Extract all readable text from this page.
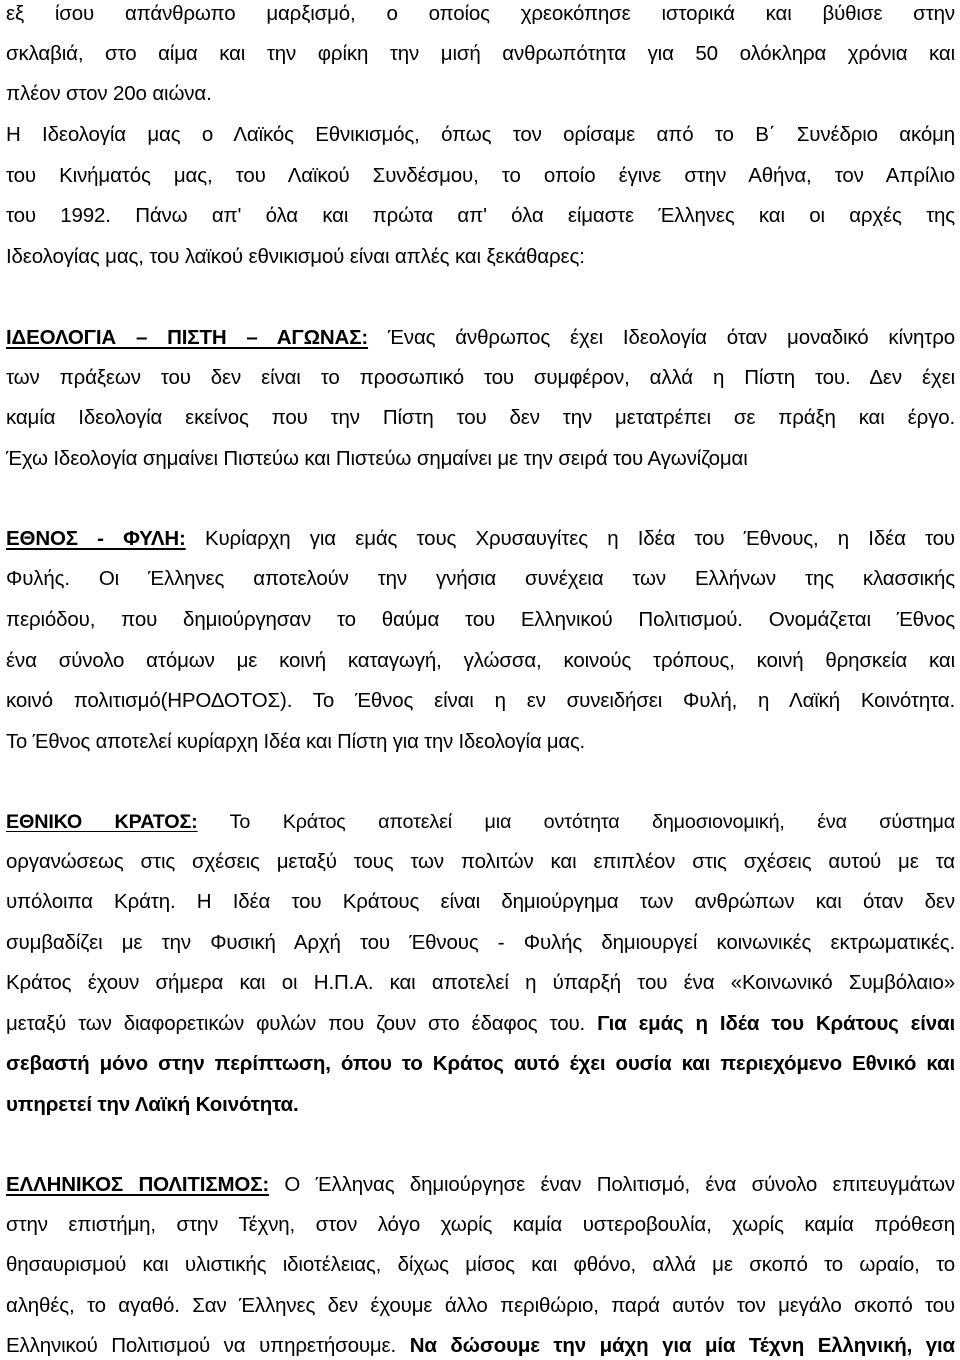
εξ ίσου απάνθρωπο μαρξισμό, ο οποίος χρεοκόπησε ιστορικά και βύθισε στην
σκλαβιά, στο αίμα και την φρίκη την μισή ανθρωπότητα για 50 ολόκληρα χρόνια και
πλέον στον 20ο αιώνα.
Η Ιδεολογία μας ο Λαϊκός Εθνικισμός, όπως τον ορίσαμε από το Β΄ Συνέδριο ακόμη
του Κινήματός μας, του Λαϊκού Συνδέσμου, το οποίο έγινε στην Αθήνα, τον Απρίλιο
του 1992. Πάνω απ' όλα και πρώτα απ' όλα είμαστε Έλληνες και οι αρχές της
Ιδεολογίας μας, του λαϊκού εθνικισμού είναι απλές και ξεκάθαρες:
ΙΔΕΟΛΟΓΙΑ – ΠΙΣΤΗ – ΑΓΩΝΑΣ: Ένας άνθρωπος έχει Ιδεολογία όταν μοναδικό κίνητρο
των πράξεων του δεν είναι το προσωπικό του συμφέρον, αλλά η Πίστη του. Δεν έχει
καμία Ιδεολογία εκείνος που την Πίστη του δεν την μετατρέπει σε πράξη και έργο.
Έχω Ιδεολογία σημαίνει Πιστεύω και Πιστεύω σημαίνει με την σειρά του Αγωνίζομαι
ΕΘΝΟΣ - ΦΥΛΗ: Κυρίαρχη για εμάς τους Χρυσαυγίτες η Ιδέα του Έθνους, η Ιδέα του
Φυλής. Οι Έλληνες αποτελούν την γνήσια συνέχεια των Ελλήνων της κλασσικής
περιόδου, που δημιούργησαν το θαύμα του Ελληνικού Πολιτισμού. Ονομάζεται Έθνος
ένα σύνολο ατόμων με κοινή καταγωγή, γλώσσα, κοινούς τρόπους, κοινή θρησκεία και
κοινό πολιτισμό(ΗΡΟΔΟΤΟΣ). Το Έθνος είναι η εν συνειδήσει Φυλή, η Λαϊκή Κοινότητα.
Το Έθνος αποτελεί κυρίαρχη Ιδέα και Πίστη για την Ιδεολογία μας.
ΕΘΝΙΚΟ ΚΡΑΤΟΣ: Το Κράτος αποτελεί μια οντότητα δημοσιονομική, ένα σύστημα
οργανώσεως στις σχέσεις μεταξύ τους των πολιτών και επιπλέον στις σχέσεις αυτού με τα
υπόλοιπα Κράτη. Η Ιδέα του Κράτους είναι δημιούργημα των ανθρώπων και όταν δεν
συμβαδίζει με την Φυσική Αρχή του Έθνους - Φυλής δημιουργεί κοινωνικές εκτρωματικές.
Κράτος έχουν σήμερα και οι Η.Π.Α. και αποτελεί η ύπαρξή του ένα «Κοινωνικό Συμβόλαιο»
μεταξύ των διαφορετικών φυλών που ζουν στο έδαφος του. Για εμάς η Ιδέα του Κράτους είναι
σεβαστή μόνο στην περίπτωση, όπου το Κράτος αυτό έχει ουσία και περιεχόμενο Εθνικό και
υπηρετεί την Λαϊκή Κοινότητα.
ΕΛΛΗΝΙΚΟΣ ΠΟΛΙΤΙΣΜΟΣ: Ο Έλληνας δημιούργησε έναν Πολιτισμό, ένα σύνολο επιτευγμάτων
στην επιστήμη, στην Τέχνη, στον λόγο χωρίς καμία υστεροβουλία, χωρίς καμία πρόθεση
θησαυρισμού και υλιστικής ιδιοτέλειας, δίχως μίσος και φθόνο, αλλά με σκοπό το ωραίο, το
αληθές, το αγαθό. Σαν Έλληνες δεν έχουμε άλλο περιθώριο, παρά αυτόν τον μεγάλο σκοπό του
Ελληνικού Πολιτισμού να υπηρετήσουμε. Να δώσουμε την μάχη για μία Τέχνη Ελληνική, για
